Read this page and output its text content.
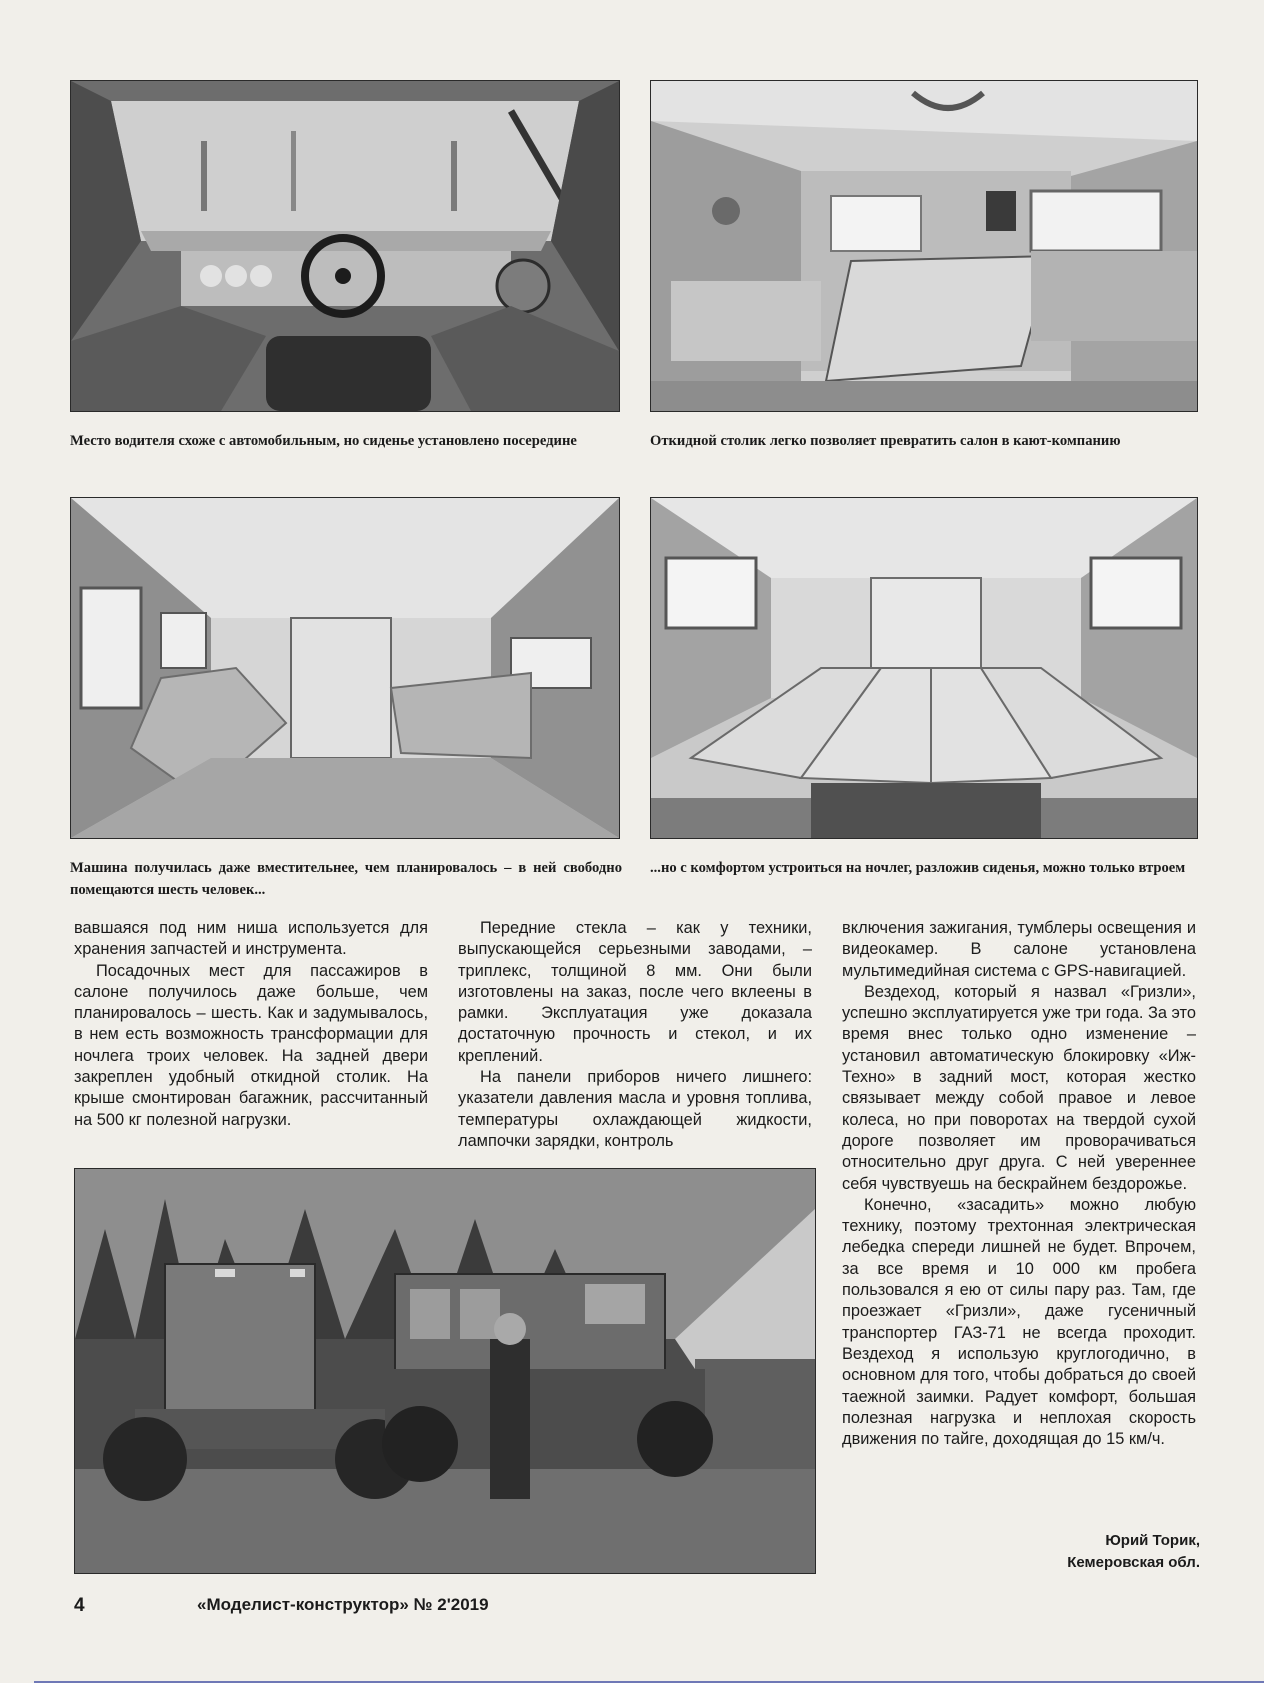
Место водителя схоже с автомобильным, но сиденье установлено посередине	Откидной столик легко позволяет превратить салон в кают-компанию
Машина получилась даже вместительнее, чем планировалось – в ней свободно помещаются шесть человек...
...но с комфортом устроиться на ночлег, разложив сиденья, можно только втроем

вавшаяся под ним ниша используется для хранения запчастей и инструмента.

Посадочных мест для пассажиров в салоне получилось даже больше, чем планировалось – шесть. Как и задумывалось, в нем есть возможность трансформации для ночлега троих человек. На задней двери закреплен удобный откидной столик. На крыше смонтирован багажник, рассчитанный на 500 кг полезной нагрузки.

Передние стекла – как у техники, выпускающейся серьезными заводами, – триплекс, толщиной 8 мм. Они были изготовлены на заказ, после чего вклеены в рамки. Эксплуатация уже доказала достаточную прочность и стекол, и их креплений.

На панели приборов ничего лишнего: указатели давления масла и уровня топлива, температуры охлаждающей жидкости, лампочки зарядки, контроль

включения зажигания, тумблеры освещения и видеокамер. В салоне установлена мультимедийная система с GPS-навигацией.

Вездеход, который я назвал «Гризли», успешно эксплуатируется уже три года. За это время внес только одно изменение – установил автоматическую блокировку «Иж-Техно» в задний мост, которая жестко связывает между собой правое и левое колеса, но при поворотах на твердой сухой дороге позволяет им проворачиваться относительно друг друга. С ней увереннее себя чувствуешь на бескрайнем бездорожье.

Конечно, «засадить» можно любую технику, поэтому трехтонная электрическая лебедка спереди лишней не будет. Впрочем, за все время и 10 000 км пробега пользовался я ею от силы пару раз. Там, где проезжает «Гризли», даже гусеничный транспортер ГАЗ-71 не всегда проходит. Вездеход я использую круглогодично, в основном для того, чтобы добраться до своей таежной заимки. Радует комфорт, большая полезная нагрузка и неплохая скорость движения по тайге, доходящая до 15 км/ч.

Юрий Торик,
Кемеровская обл.
4	«Моделист-конструктор» № 2'2019
